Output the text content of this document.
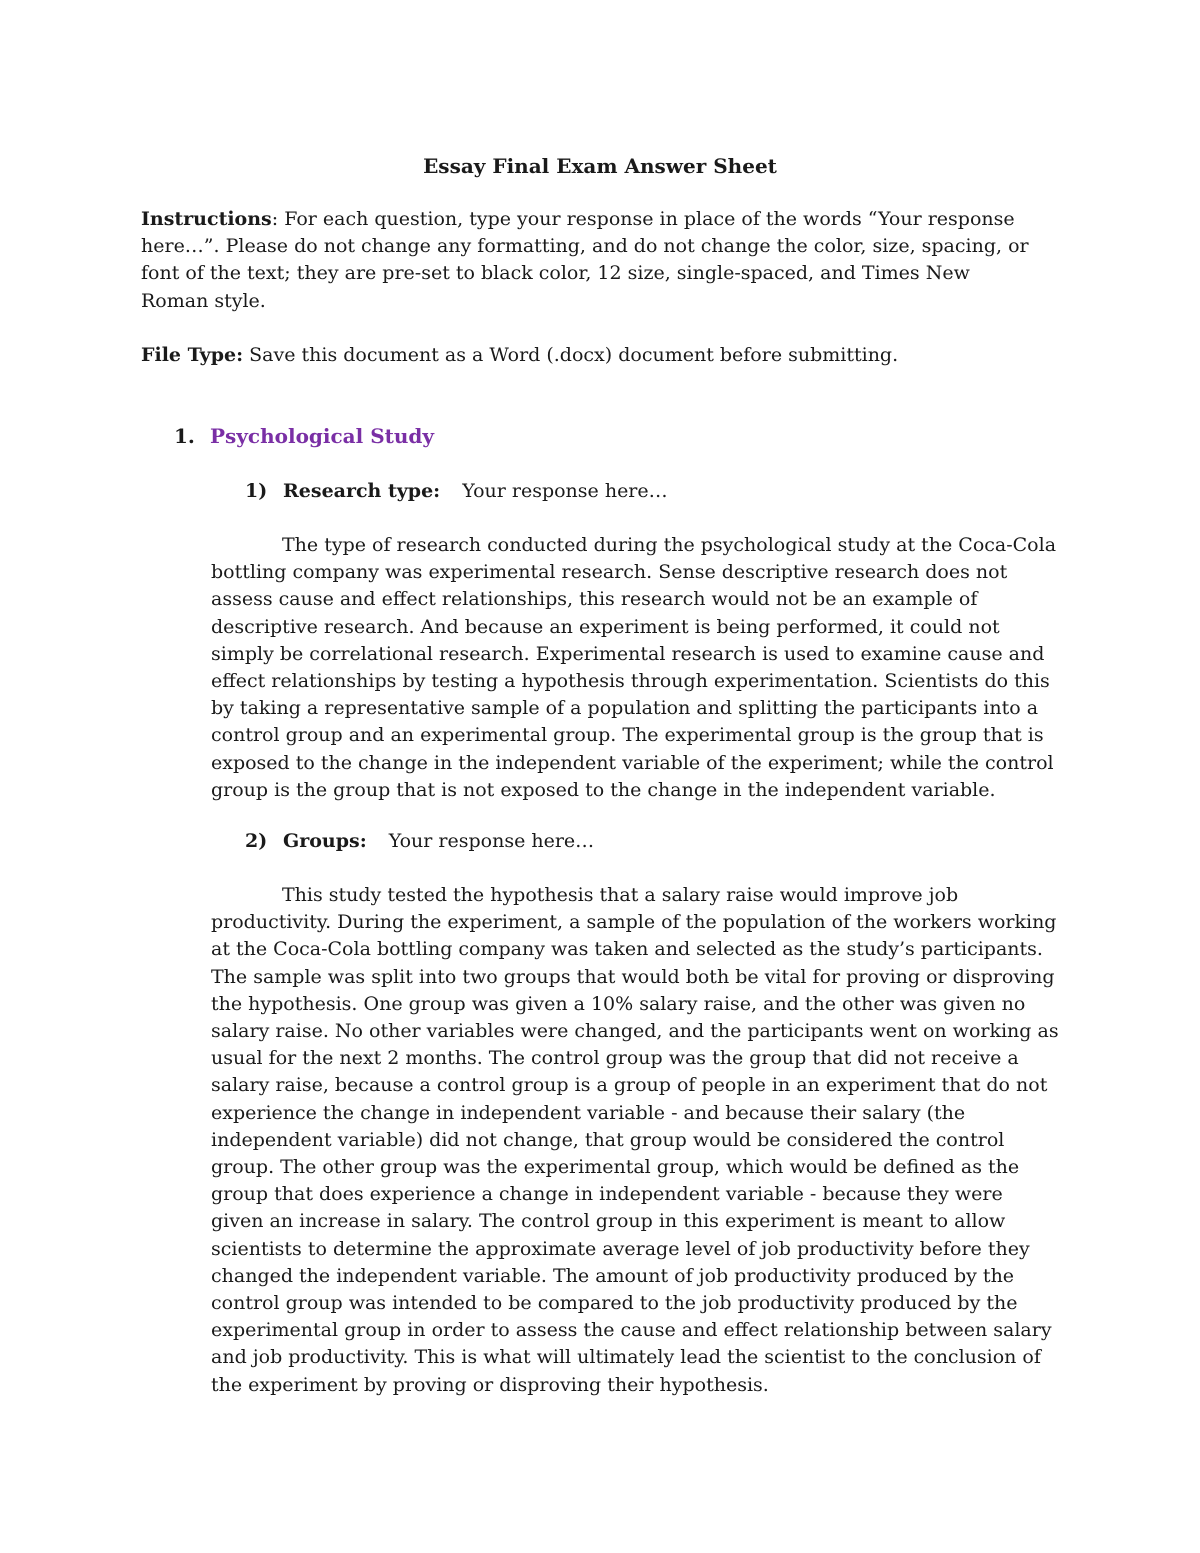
Essay Final Exam Answer Sheet
Instructions: For each question, type your response in place of the words “Your response here…”. Please do not change any formatting, and do not change the color, size, spacing, or font of the text; they are pre-set to black color, 12 size, single-spaced, and Times New Roman style.
File Type: Save this document as a Word (.docx) document before submitting.
1. Psychological Study
1) Research type: Your response here…

The type of research conducted during the psychological study at the Coca-Cola bottling company was experimental research. Sense descriptive research does not assess cause and effect relationships, this research would not be an example of descriptive research. And because an experiment is being performed, it could not simply be correlational research. Experimental research is used to examine cause and effect relationships by testing a hypothesis through experimentation. Scientists do this by taking a representative sample of a population and splitting the participants into a control group and an experimental group. The experimental group is the group that is exposed to the change in the independent variable of the experiment; while the control group is the group that is not exposed to the change in the independent variable.

2) Groups: Your response here…

This study tested the hypothesis that a salary raise would improve job productivity. During the experiment, a sample of the population of the workers working at the Coca-Cola bottling company was taken and selected as the study’s participants. The sample was split into two groups that would both be vital for proving or disproving the hypothesis. One group was given a 10% salary raise, and the other was given no salary raise. No other variables were changed, and the participants went on working as usual for the next 2 months. The control group was the group that did not receive a salary raise, because a control group is a group of people in an experiment that do not experience the change in independent variable - and because their salary (the independent variable) did not change, that group would be considered the control group. The other group was the experimental group, which would be defined as the group that does experience a change in independent variable - because they were given an increase in salary. The control group in this experiment is meant to allow scientists to determine the approximate average level of job productivity before they changed the independent variable. The amount of job productivity produced by the control group was intended to be compared to the job productivity produced by the experimental group in order to assess the cause and effect relationship between salary and job productivity. This is what will ultimately lead the scientist to the conclusion of the experiment by proving or disproving their hypothesis.
